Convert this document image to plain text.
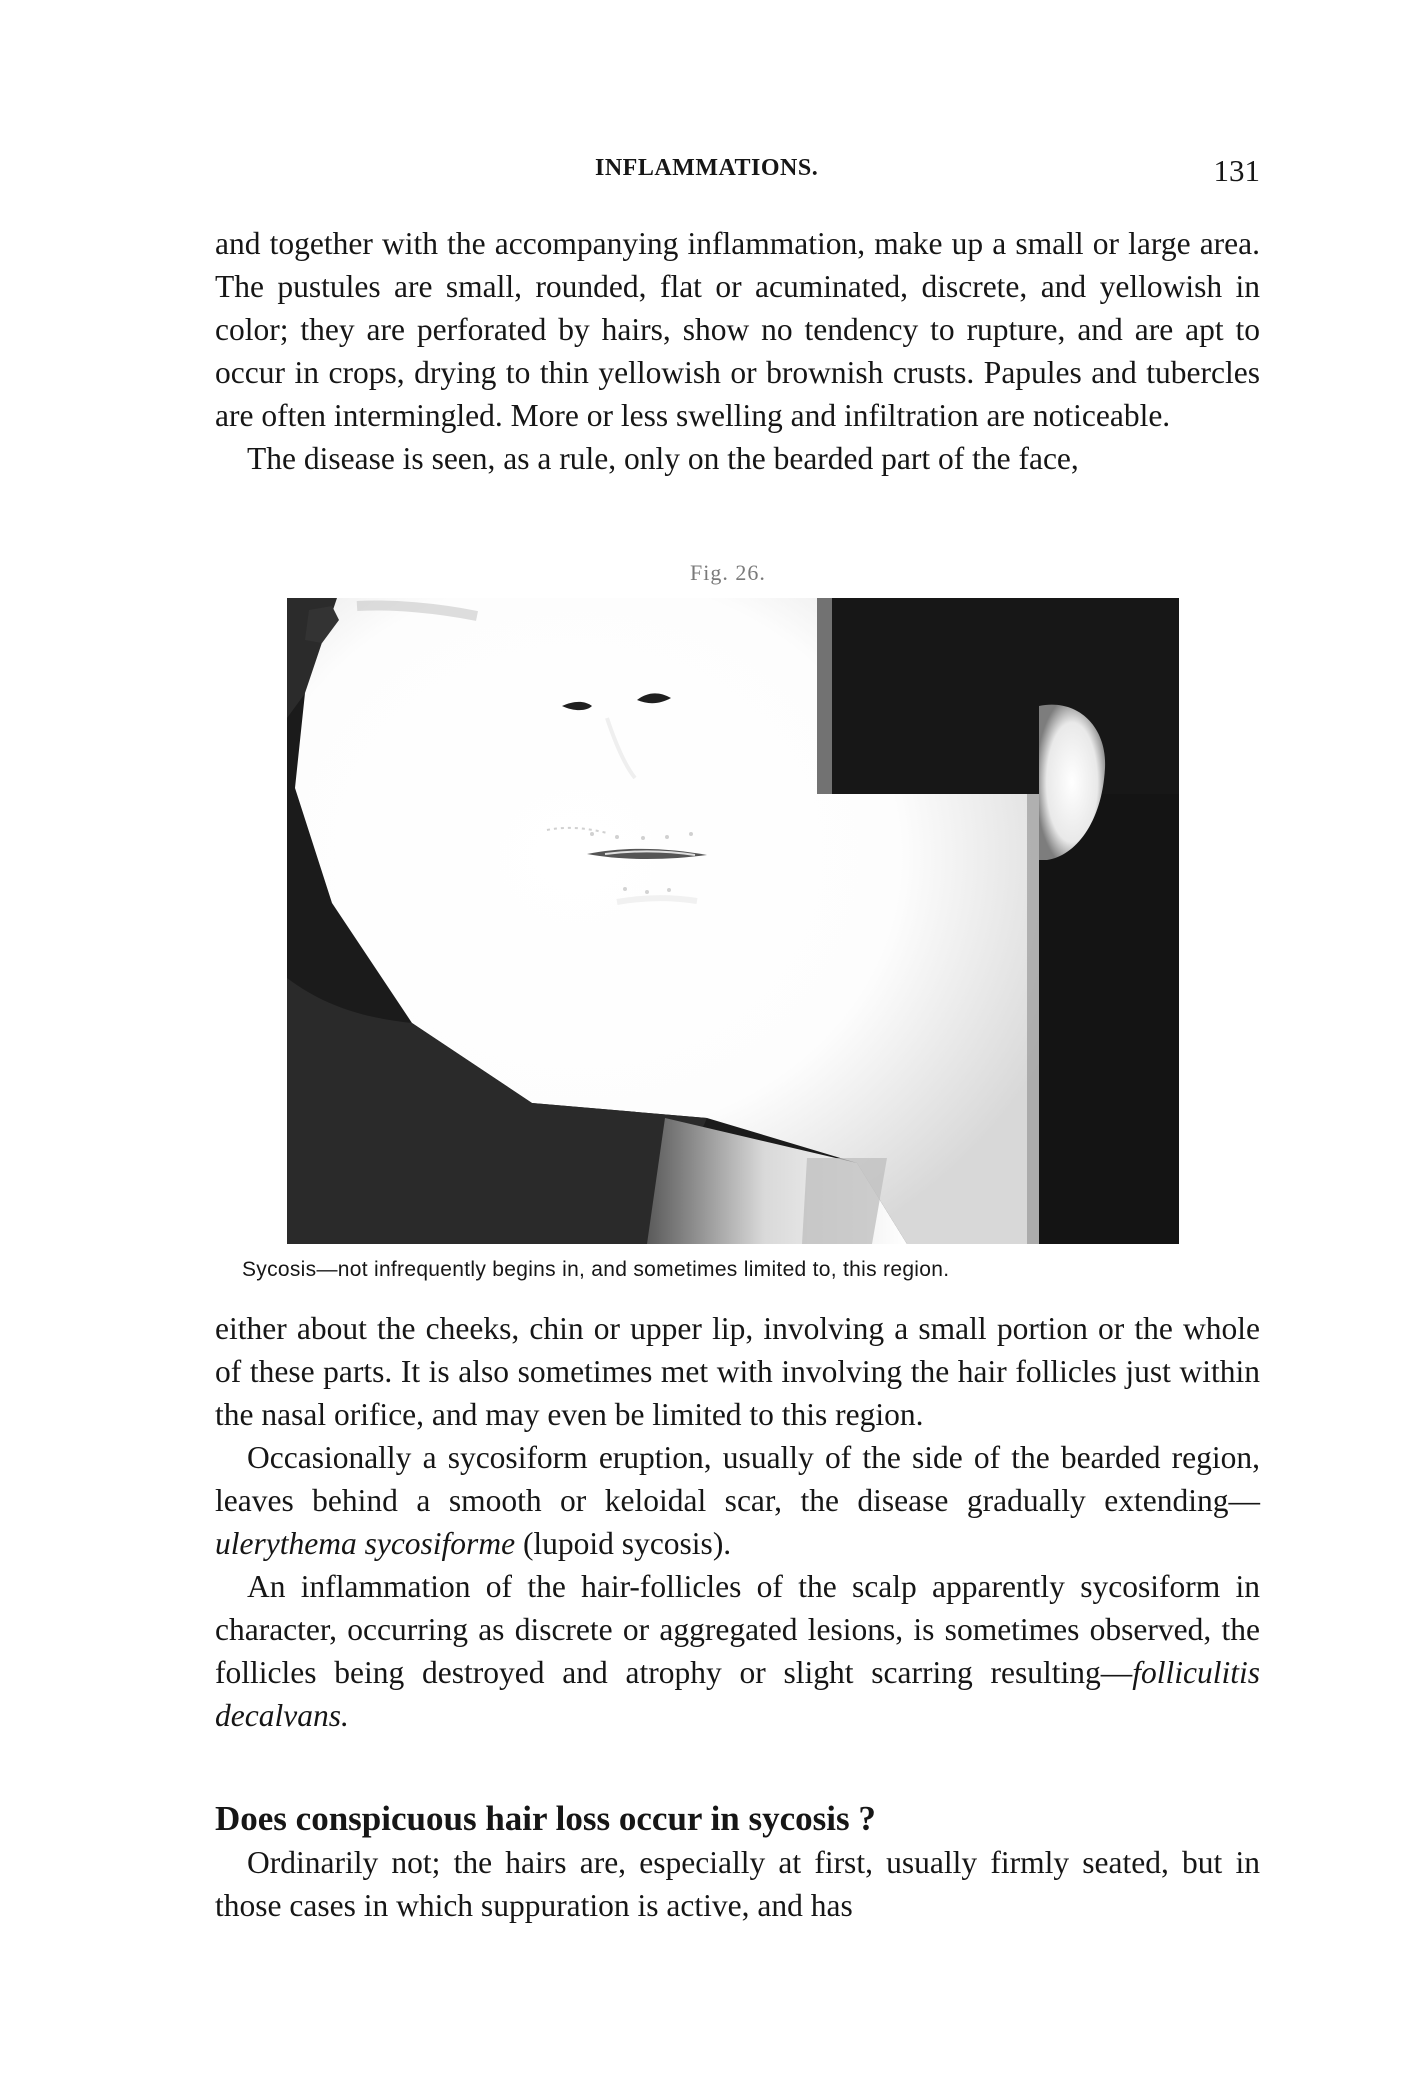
INFLAMMATIONS.	131

and together with the accompanying inflammation, make up a small or large area. The pustules are small, rounded, flat or acuminated, discrete, and yellowish in color; they are perforated by hairs, show no tendency to rupture, and are apt to occur in crops, drying to thin yellowish or brownish crusts. Papules and tubercles are often intermingled. More or less swelling and infiltration are noticeable.

The disease is seen, as a rule, only on the bearded part of the face,

Fig. 26.
Sycosis—not infrequently begins in, and sometimes limited to, this region.

either about the cheeks, chin or upper lip, involving a small portion or the whole of these parts. It is also sometimes met with involving the hair follicles just within the nasal orifice, and may even be limited to this region.

Occasionally a sycosiform eruption, usually of the side of the bearded region, leaves behind a smooth or keloidal scar, the disease gradually extending—ulerythema sycosiforme (lupoid sycosis).

An inflammation of the hair-follicles of the scalp apparently sycosiform in character, occurring as discrete or aggregated lesions, is sometimes observed, the follicles being destroyed and atrophy or slight scarring resulting—folliculitis decalvans.

Does conspicuous hair loss occur in sycosis ?

Ordinarily not; the hairs are, especially at first, usually firmly seated, but in those cases in which suppuration is active, and has
